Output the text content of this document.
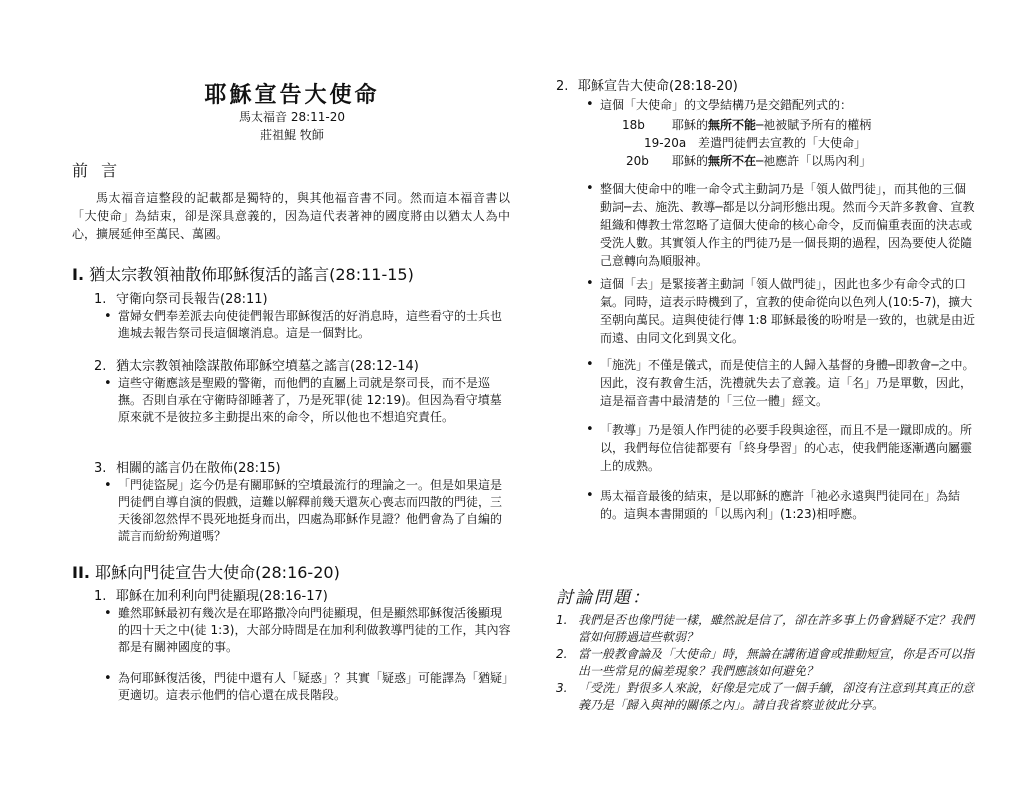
耶穌宣告大使命
馬太福音 28:11-20
莊祖鯤 牧師
前 言

馬太福音這整段的記載都是獨特的，與其他福音書不同。然而這本福音書以「大使命」為結束，卻是深具意義的，因為這代表著神的國度將由以猶太人為中心，擴展延伸至萬民、萬國。

I. 猶太宗教領袖散佈耶穌復活的謠言(28:11-15)
1. 守衛向祭司長報告(28:11)

• 當婦女們奉差派去向使徒們報告耶穌復活的好消息時，這些看守的士兵也進城去報告祭司長這個壞消息。這是一個對比。

2. 猶太宗教領袖陰謀散佈耶穌空墳墓之謠言(28:12-14)

• 這些守衛應該是聖殿的警衛，而他們的直屬上司就是祭司長，而不是巡撫。否則自承在守衛時卻睡著了，乃是死罪(徒 12:19)。但因為看守墳墓原來就不是彼拉多主動提出來的命令，所以他也不想追究責任。

3. 相關的謠言仍在散佈(28:15)

• 「門徒盜屍」迄今仍是有關耶穌的空墳最流行的理論之一。但是如果這是門徒們自導自演的假戲，這難以解釋前幾天還灰心喪志而四散的門徒，三天後卻忽然悍不畏死地挺身而出，四處為耶穌作見證？他們會為了自編的謊言而紛紛殉道嗎？

II. 耶穌向門徒宣告大使命(28:16-20)
1. 耶穌在加利利向門徒顯現(28:16-17)

• 雖然耶穌最初有幾次是在耶路撒冷向門徒顯現，但是顯然耶穌復活後顯現的四十天之中(徒 1:3)，大部分時間是在加利利做教導門徒的工作，其內容都是有關神國度的事。

• 為何耶穌復活後，門徒中還有人「疑惑」？其實「疑惑」可能譯為「猶疑」更適切。這表示他們的信心還在成長階段。

2. 耶穌宣告大使命(28:18-20)

• 這個「大使命」的文學結構乃是交錯配列式的：

18b 耶穌的無所不能─祂被賦予所有的權柄
19-20a 差遣門徒們去宣教的「大使命」
20b 耶穌的無所不在─祂應許「以馬內利」

• 整個大使命中的唯一命令式主動詞乃是「領人做門徒」，而其他的三個動詞─去、施洗、教導─都是以分詞形態出現。然而今天許多教會、宣教組織和傳教士常忽略了這個大使命的核心命令，反而偏重表面的決志或受洗人數。其實領人作主的門徒乃是一個長期的過程，因為要使人從隨己意轉向為順服神。

• 這個「去」是緊接著主動詞「領人做門徒」，因此也多少有命令式的口氣。同時，這表示時機到了，宣教的使命從向以色列人(10:5-7)，擴大至朝向萬民。這與使徒行傳 1:8 耶穌最後的吩咐是一致的，也就是由近而遠、由同文化到異文化。

• 「施洗」不僅是儀式，而是使信主的人歸入基督的身體─即教會─之中。因此，沒有教會生活，洗禮就失去了意義。這「名」乃是單數，因此，這是福音書中最清楚的「三位一體」經文。

• 「教導」乃是領人作門徒的必要手段與途徑，而且不是一蹴即成的。所以，我們每位信徒都要有「終身學習」的心志，使我們能逐漸邁向屬靈上的成熟。

• 馬太福音最後的結束，是以耶穌的應許「祂必永遠與門徒同在」為結的。這與本書開頭的「以馬內利」(1:23)相呼應。

討論問題：

1. 我們是否也像門徒一樣，雖然說是信了，卻在許多事上仍會猶疑不定？我們當如何勝過這些軟弱？

2. 當一般教會論及「大使命」時，無論在講術道會或推動短宣，你是否可以指出一些常見的偏差現象？我們應該如何避免？

3. 「受洗」對很多人來說，好像是完成了一個手續，卻沒有注意到其真正的意義乃是「歸入與神的關係之內」。請自我省察並彼此分享。
